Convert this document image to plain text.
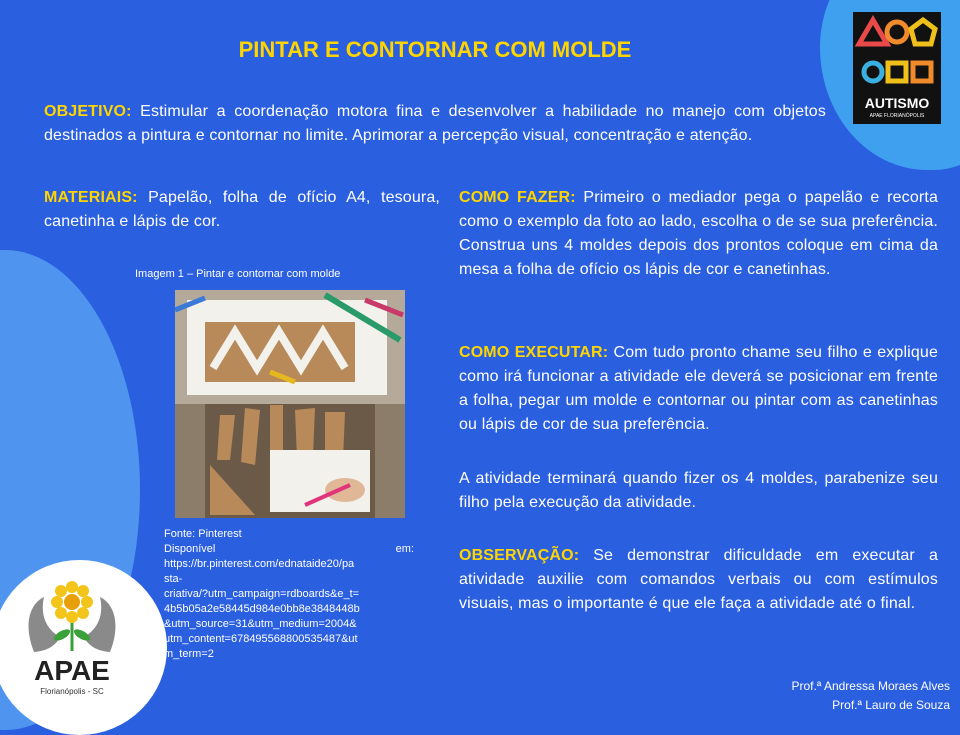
PINTAR E CONTORNAR COM MOLDE
OBJETIVO: Estimular a coordenação motora fina e desenvolver a habilidade no manejo com objetos destinados a pintura e contornar no limite. Aprimorar a percepção visual, concentração e atenção.
MATERIAIS: Papelão, folha de ofício A4, tesoura, canetinha e lápis de cor.
COMO FAZER: Primeiro o mediador pega o papelão e recorta como o exemplo da foto ao lado, escolha o de se sua preferência. Construa uns 4 moldes depois dos prontos coloque em cima da mesa a folha de ofício os lápis de cor e canetinhas.
COMO EXECUTAR: Com tudo pronto chame seu filho e explique como irá funcionar a atividade ele deverá se posicionar em frente a folha, pegar um molde e contornar ou pintar com as canetinhas ou lápis de cor de sua preferência.
A atividade terminará quando fizer os 4 moldes, parabenize seu filho pela execução da atividade.
OBSERVAÇÃO: Se demonstrar dificuldade em executar a atividade auxilie com comandos verbais ou com estímulos visuais, mas o importante é que ele faça a atividade até o final.
Imagem 1 – Pintar e contornar com molde
Fonte: Pinterest
Disponível	em:
https://br.pinterest.com/ednataide20/pa
sta-
criativa/?utm_campaign=rdboards&e_t=
4b5b05a2e58445d984e0bb8e3848448b
&utm_source=31&utm_medium=2004&
utm_content=678495568800535487&ut
m_term=2
AUTISMO
APAE FLORIANÓPOLIS
APAE
Florianópolis - SC	Prof.ª Andressa Moraes Alves
Prof.ª Lauro de Souza
